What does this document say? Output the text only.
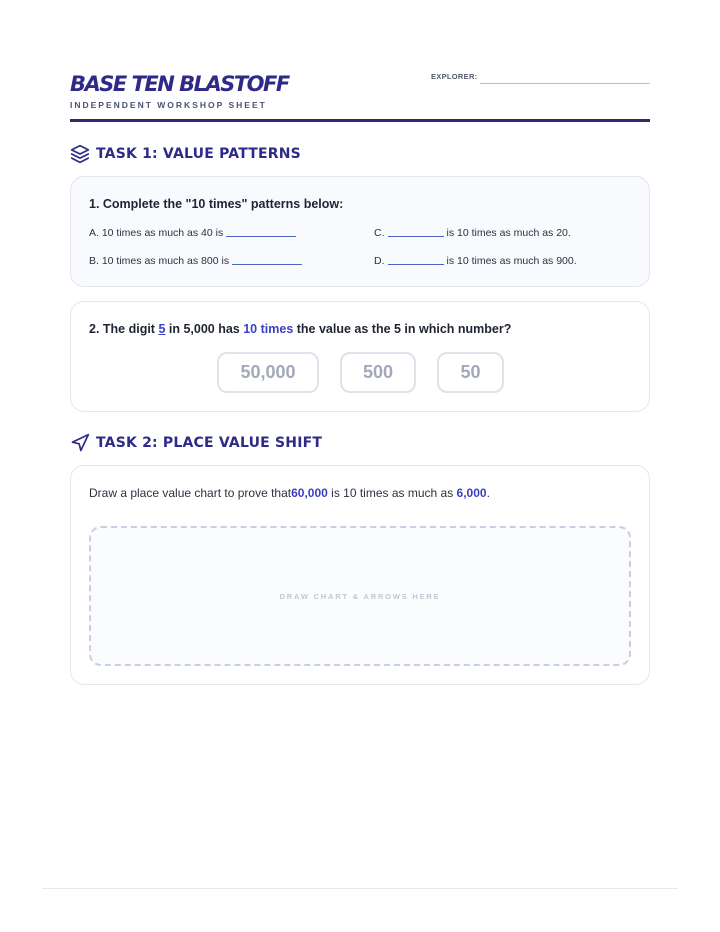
BASE TEN BLASTOFF
INDEPENDENT WORKSHOP SHEET
EXPLORER:
TASK 1: VALUE PATTERNS
1. Complete the "10 times" patterns below:
A. 10 times as much as 40 is
B. 10 times as much as 800 is
C.	is 10 times as much as 20.
D.	is 10 times as much as 900.
2. The digit 5 in 5,000 has 10 times the value as the 5 in which number?
50,000	500	50
TASK 2: PLACE VALUE SHIFT
Draw a place value chart to prove that 60,000 is 10 times as much as 6,000 .
DRAW CHART & ARROWS HERE
